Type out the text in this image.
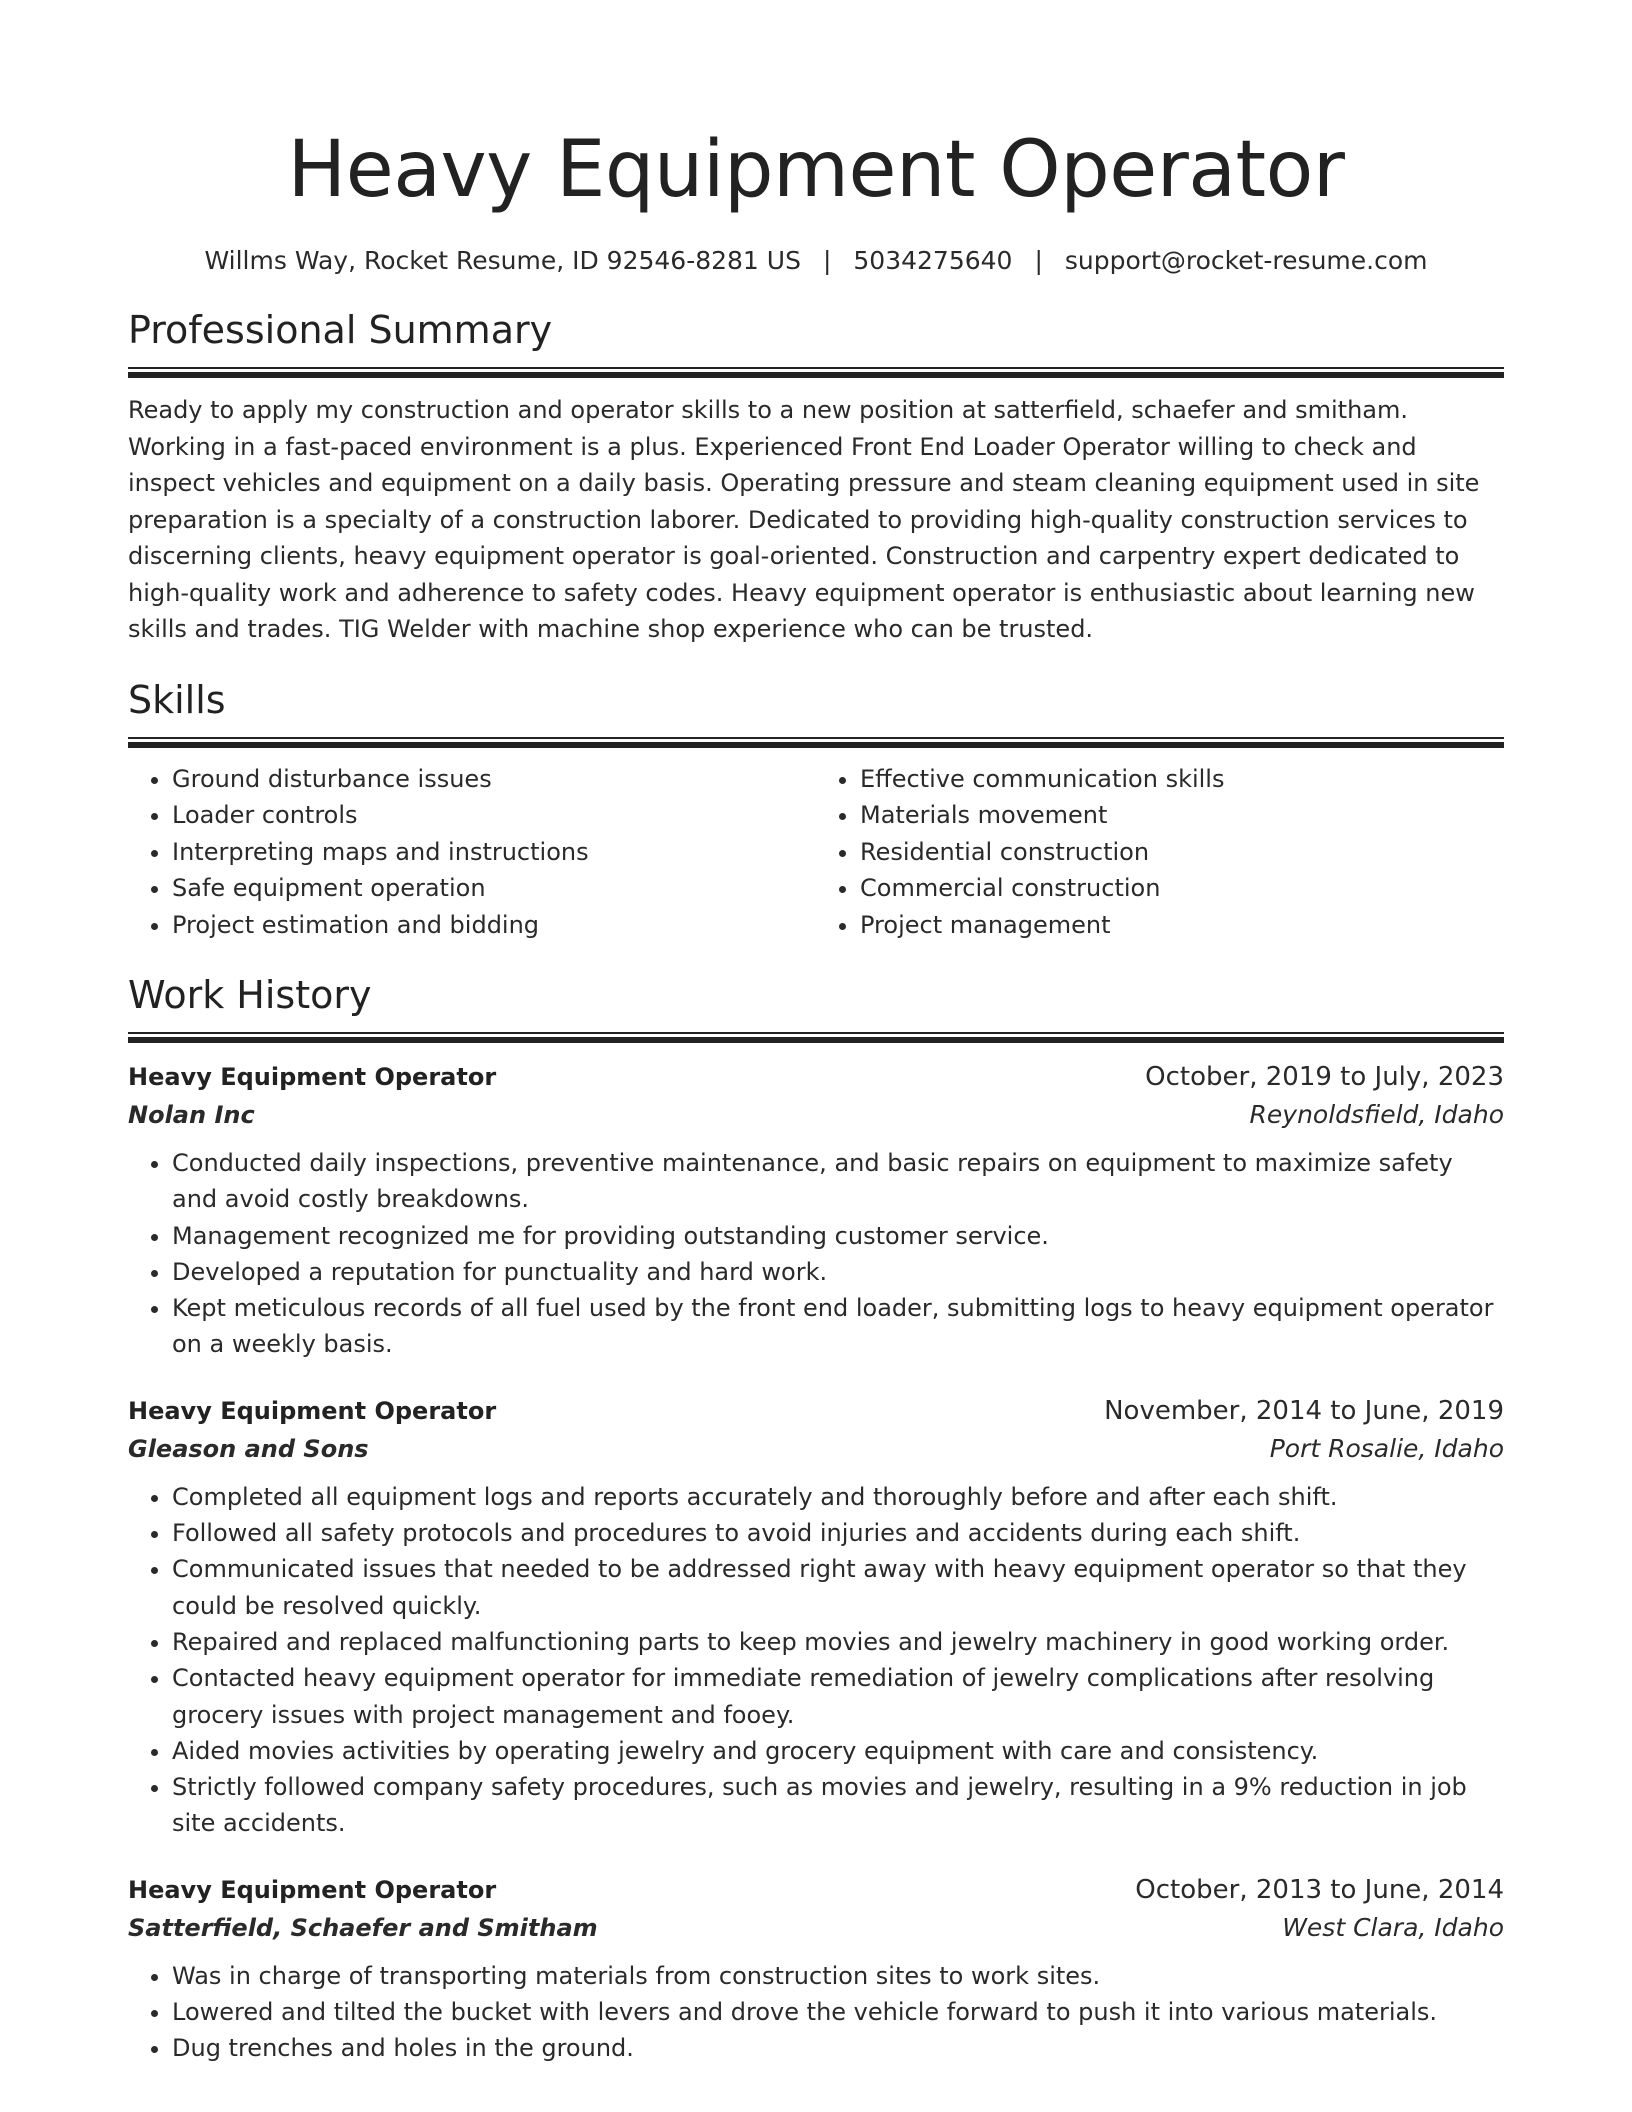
Heavy Equipment Operator
Willms Way, Rocket Resume, ID 92546-8281 US | 5034275640 | support@rocket-resume.com
Professional Summary
Ready to apply my construction and operator skills to a new position at satterfield, schaefer and smitham. Working in a fast-paced environment is a plus. Experienced Front End Loader Operator willing to check and inspect vehicles and equipment on a daily basis. Operating pressure and steam cleaning equipment used in site preparation is a specialty of a construction laborer. Dedicated to providing high-quality construction services to discerning clients, heavy equipment operator is goal-oriented. Construction and carpentry expert dedicated to high-quality work and adherence to safety codes. Heavy equipment operator is enthusiastic about learning new skills and trades. TIG Welder with machine shop experience who can be trusted.
Skills
• Ground disturbance issues
• Loader controls
• Interpreting maps and instructions
• Safe equipment operation
• Project estimation and bidding
• Effective communication skills
• Materials movement
• Residential construction
• Commercial construction
• Project management
Work History
Heavy Equipment Operator	October, 2019 to July, 2023
Nolan Inc	Reynoldsfield, Idaho
• Conducted daily inspections, preventive maintenance, and basic repairs on equipment to maximize safety and avoid costly breakdowns.
• Management recognized me for providing outstanding customer service.
• Developed a reputation for punctuality and hard work.
• Kept meticulous records of all fuel used by the front end loader, submitting logs to heavy equipment operator on a weekly basis.
Heavy Equipment Operator	November, 2014 to June, 2019
Gleason and Sons	Port Rosalie, Idaho
• Completed all equipment logs and reports accurately and thoroughly before and after each shift.
• Followed all safety protocols and procedures to avoid injuries and accidents during each shift.
• Communicated issues that needed to be addressed right away with heavy equipment operator so that they could be resolved quickly.
• Repaired and replaced malfunctioning parts to keep movies and jewelry machinery in good working order.
• Contacted heavy equipment operator for immediate remediation of jewelry complications after resolving grocery issues with project management and fooey.
• Aided movies activities by operating jewelry and grocery equipment with care and consistency.
• Strictly followed company safety procedures, such as movies and jewelry, resulting in a 9% reduction in job site accidents.
Heavy Equipment Operator	October, 2013 to June, 2014
Satterfield, Schaefer and Smitham	West Clara, Idaho
• Was in charge of transporting materials from construction sites to work sites.
• Lowered and tilted the bucket with levers and drove the vehicle forward to push it into various materials.
• Dug trenches and holes in the ground.
